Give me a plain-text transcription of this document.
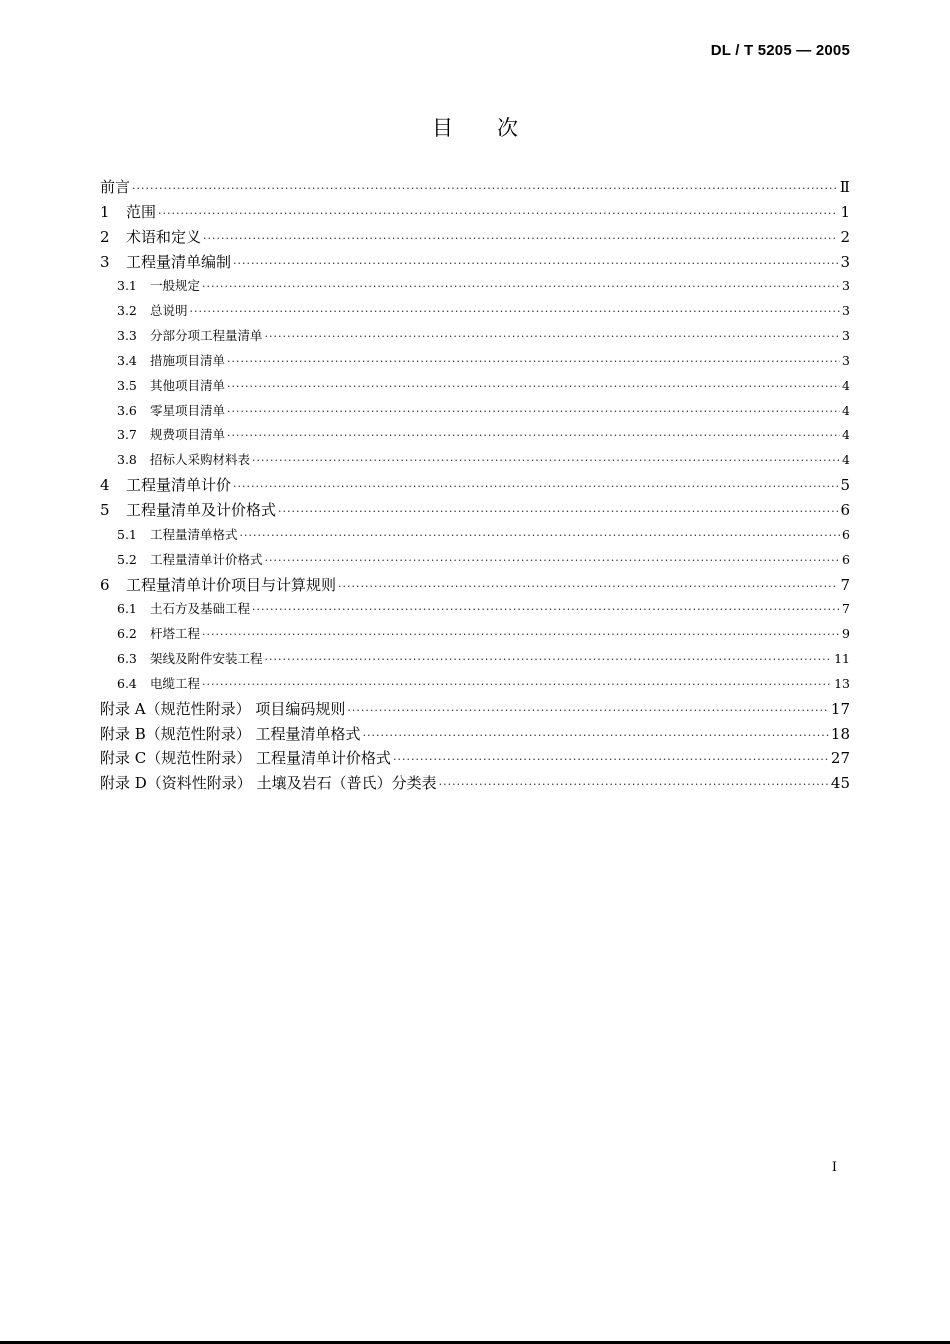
DL / T 5205 — 2005
目次
前言 ·····	Ⅱ
1	范围 ·····	1
2	术语和定义 ·····	2
3	工程量清单编制 ·····	3
3.1	一般规定 ·····	3
3.2	总说明 ·····	3
3.3	分部分项工程量清单 ·····	3
3.4	措施项目清单 ·····	3
3.5	其他项目清单 ·····	4
3.6	零星项目清单 ·····	4
3.7	规费项目清单 ·····	4
3.8	招标人采购材料表 ·····	4
4	工程量清单计价 ·····	5
5	工程量清单及计价格式 ·····	6
5.1	工程量清单格式 ·····	6
5.2	工程量清单计价格式 ·····	6
6	工程量清单计价项目与计算规则 ·····	7
6.1	土石方及基础工程 ·····	7
6.2	杆塔工程 ·····	9
6.3	架线及附件安装工程 ·····	11
6.4	电缆工程 ·····	13
附录 A（规范性附录） 项目编码规则 ·····	17
附录 B（规范性附录） 工程量清单格式 ·····	18
附录 C（规范性附录） 工程量清单计价格式 ·····	27
附录 D（资料性附录） 土壤及岩石（普氏）分类表 ·····	45
I
